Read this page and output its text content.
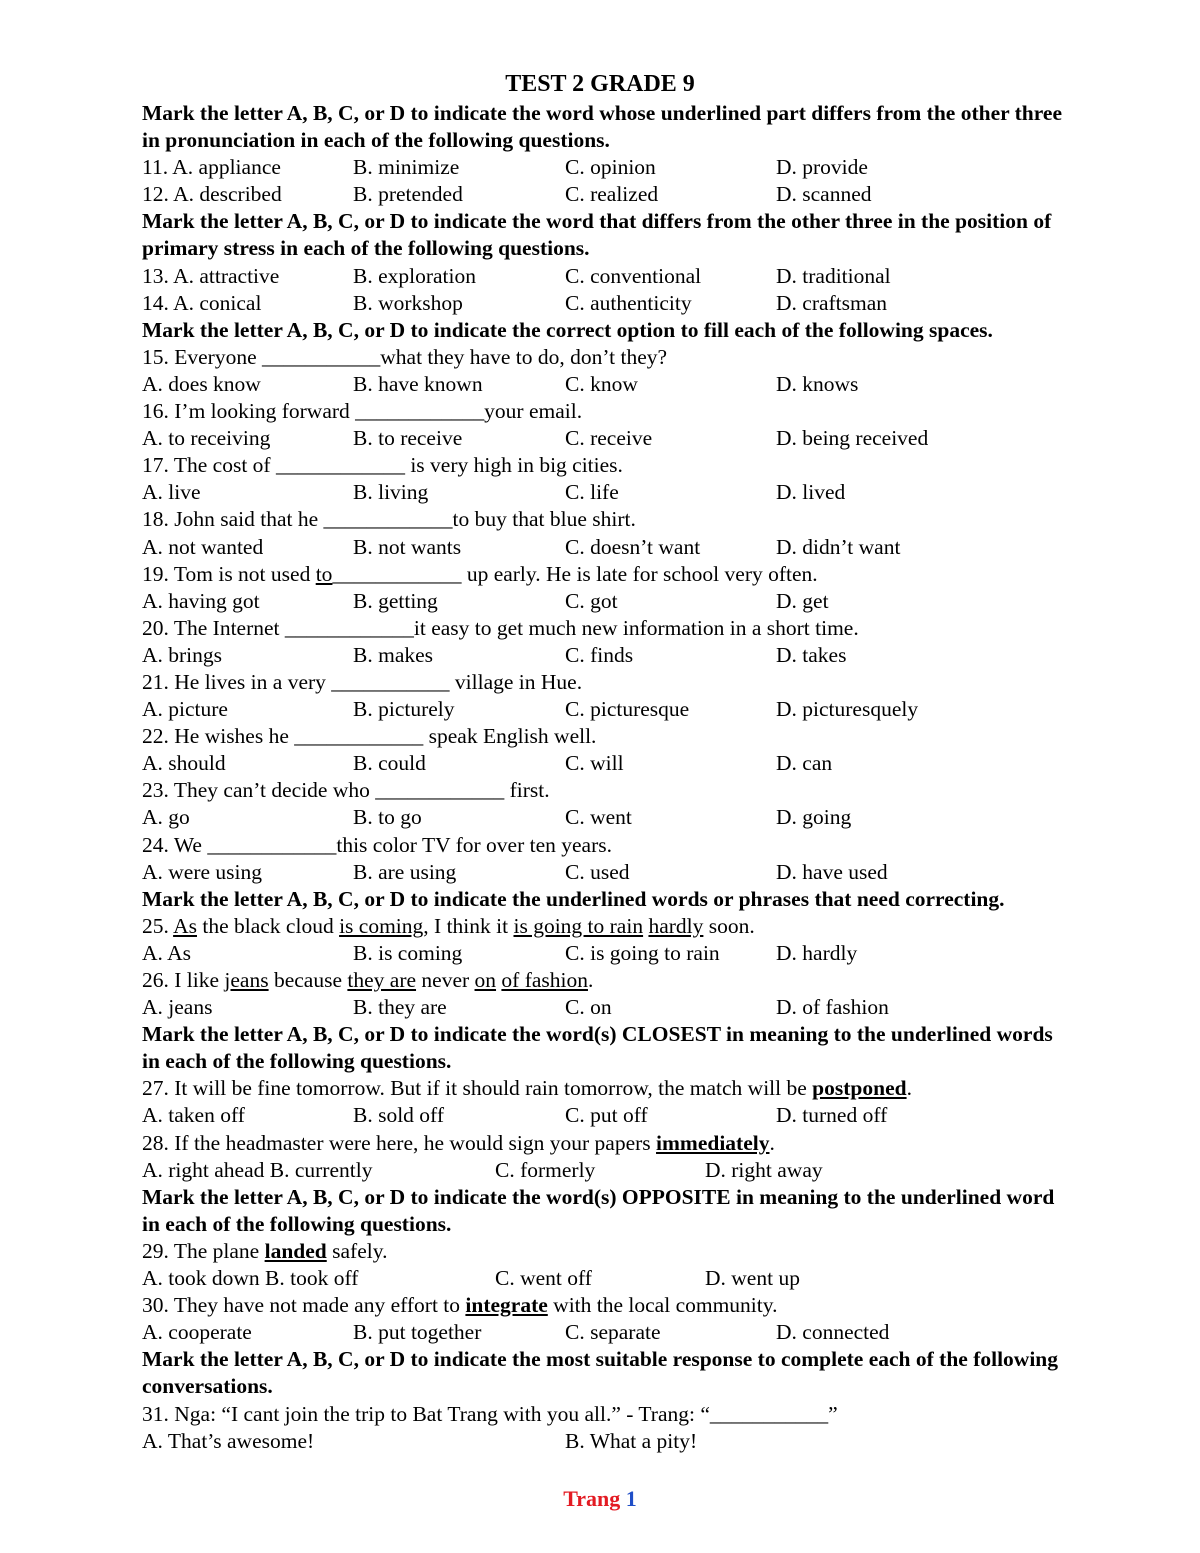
TEST 2 GRADE 9
Mark the letter A, B, C, or D to indicate the word whose underlined part differs from the other three
in pronunciation in each of the following questions.
11. A. appliance	B. minimize	C. opinion	D. provide
12. A. described	B. pretended	C. realized	D. scanned
Mark the letter A, B, C, or D to indicate the word that differs from the other three in the position of
primary stress in each of the following questions.
13. A. attractive	B. exploration	C. conventional	D. traditional
14. A. conical	B. workshop	C. authenticity	D. craftsman
Mark the letter A, B, C, or D to indicate the correct option to fill each of the following spaces.
15. Everyone ___________what they have to do, don’t they?
A. does know	B. have known	C. know	D. knows
16. I’m looking forward ____________your email.
A. to receiving	B. to receive	C. receive	D. being received
17. The cost of ____________ is very high in big cities.
A. live	B. living	C. life	D. lived
18. John said that he ____________to buy that blue shirt.
A. not wanted	B. not wants	C. doesn’t want	D. didn’t want
19. Tom is not used to____________ up early. He is late for school very often.
A. having got	B. getting	C. got	D. get
20. The Internet ____________it easy to get much new information in a short time.
A. brings	B. makes	C. finds	D. takes
21. He lives in a very ___________ village in Hue.
A. picture	B. picturely	C. picturesque	D. picturesquely
22. He wishes he ____________ speak English well.
A. should	B. could	C. will	D. can
23. They can’t decide who ____________ first.
A. go	B. to go	C. went	D. going
24. We ____________this color TV for over ten years.
A. were using	B. are using	C. used	D. have used
Mark the letter A, B, C, or D to indicate the underlined words or phrases that need correcting.
25. As the black cloud is coming, I think it is going to rain hardly soon.
A. As	B. is coming	C. is going to rain	D. hardly
26. I like jeans because they are never on of fashion.
A. jeans	B. they are	C. on	D. of fashion
Mark the letter A, B, C, or D to indicate the word(s) CLOSEST in meaning to the underlined words
in each of the following questions.
27. It will be fine tomorrow. But if it should rain tomorrow, the match will be postponed.
A. taken off	B. sold off	C. put off	D. turned off
28. If the headmaster were here, he would sign your papers immediately.
A. right ahead B. currently	C. formerly	D. right away
Mark the letter A, B, C, or D to indicate the word(s) OPPOSITE in meaning to the underlined word
in each of the following questions.
29. The plane landed safely.
A. took down B. took off	C. went off	D. went up
30. They have not made any effort to integrate with the local community.
A. cooperate	B. put together	C. separate	D. connected
Mark the letter A, B, C, or D to indicate the most suitable response to complete each of the following
conversations.
31. Nga: “I cant join the trip to Bat Trang with you all.” - Trang: “___________”
A. That’s awesome!	B. What a pity!
Trang 1
